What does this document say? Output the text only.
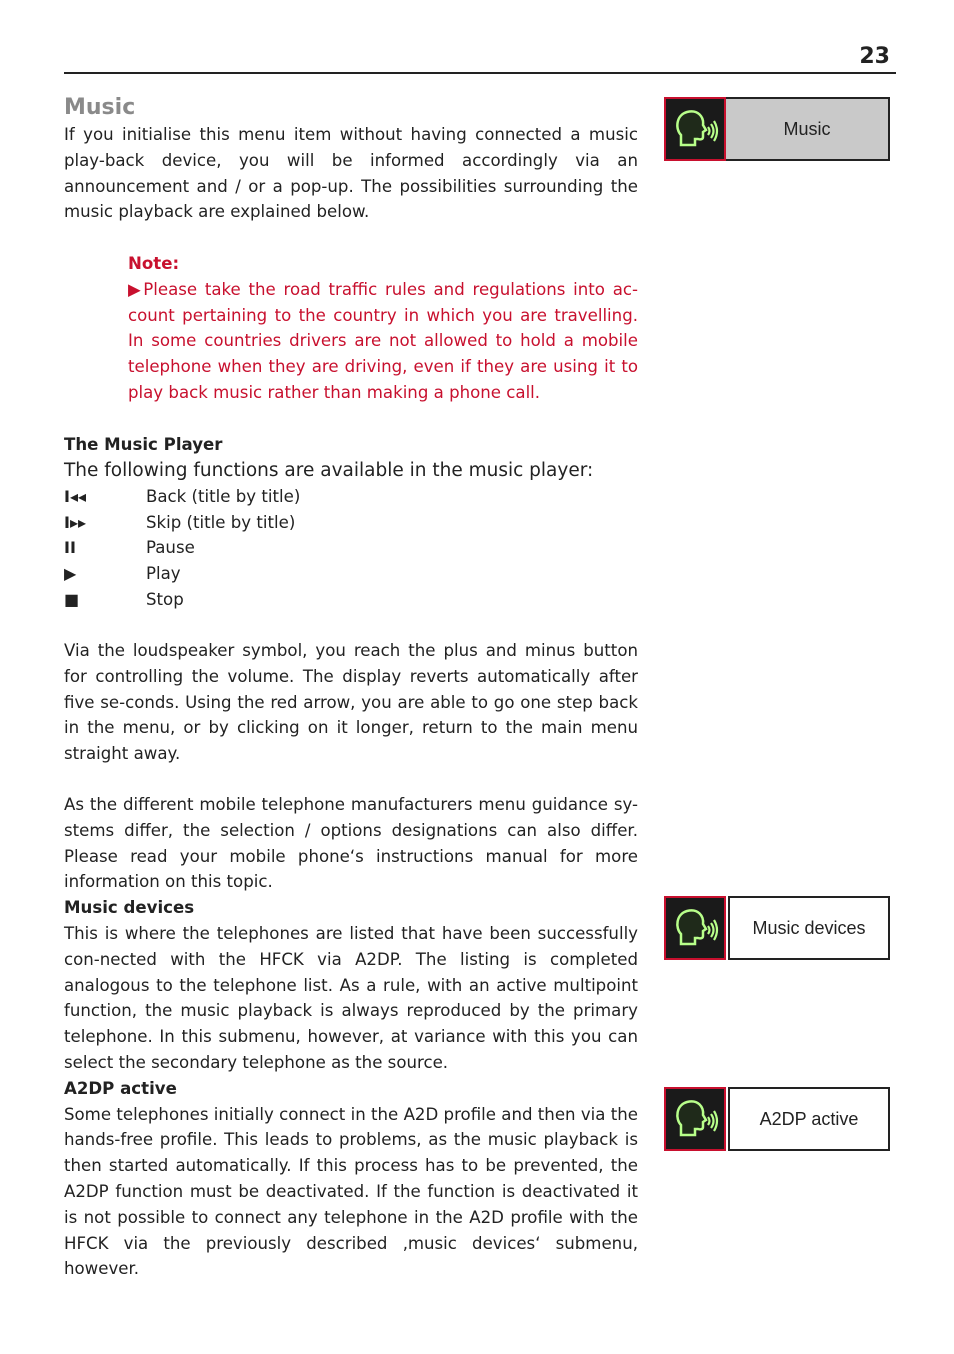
23
Music

If you initialise this menu item without having connected a music play-back device, you will be informed accordingly via an announcement and / or a pop-up. The possibilities surrounding the music playback are explained below.

Note:
▶Please take the road traffic rules and regulations into ac-count pertaining to the country in which you are travelling. In some countries drivers are not allowed to hold a mobile telephone when they are driving, even if they are using it to play back music rather than making a phone call.

The Music Player

The following functions are available in the music player:

I◂◂	Back (title by title)
I▸▸	Skip (title by title)
II	Pause
▶	Play
■	Stop

Via the loudspeaker symbol, you reach the plus and minus button for controlling the volume. The display reverts automatically after five se-conds. Using the red arrow, you are able to go one step back in the menu, or by clicking on it longer, return to the main menu straight away.

As the different mobile telephone manufacturers menu guidance sy-stems differ, the selection / options designations can also differ. Please read your mobile phone‘s instructions manual for more information on this topic.

Music devices

This is where the telephones are listed that have been successfully con-nected with the HFCK via A2DP. The listing is completed analogous to the telephone list. As a rule, with an active multipoint function, the music playback is always reproduced by the primary telephone. In this submenu, however, at variance with this you can select the secondary telephone as the source.

A2DP active

Some telephones initially connect in the A2D profile and then via the hands-free profile. This leads to problems, as the music playback is then started automatically. If this process has to be prevented, the A2DP function must be deactivated. If the function is deactivated it is not possible to connect any telephone in the A2D profile with the HFCK via the previously described ‚music devices‘ submenu, however.

Music
Music devices
A2DP active
